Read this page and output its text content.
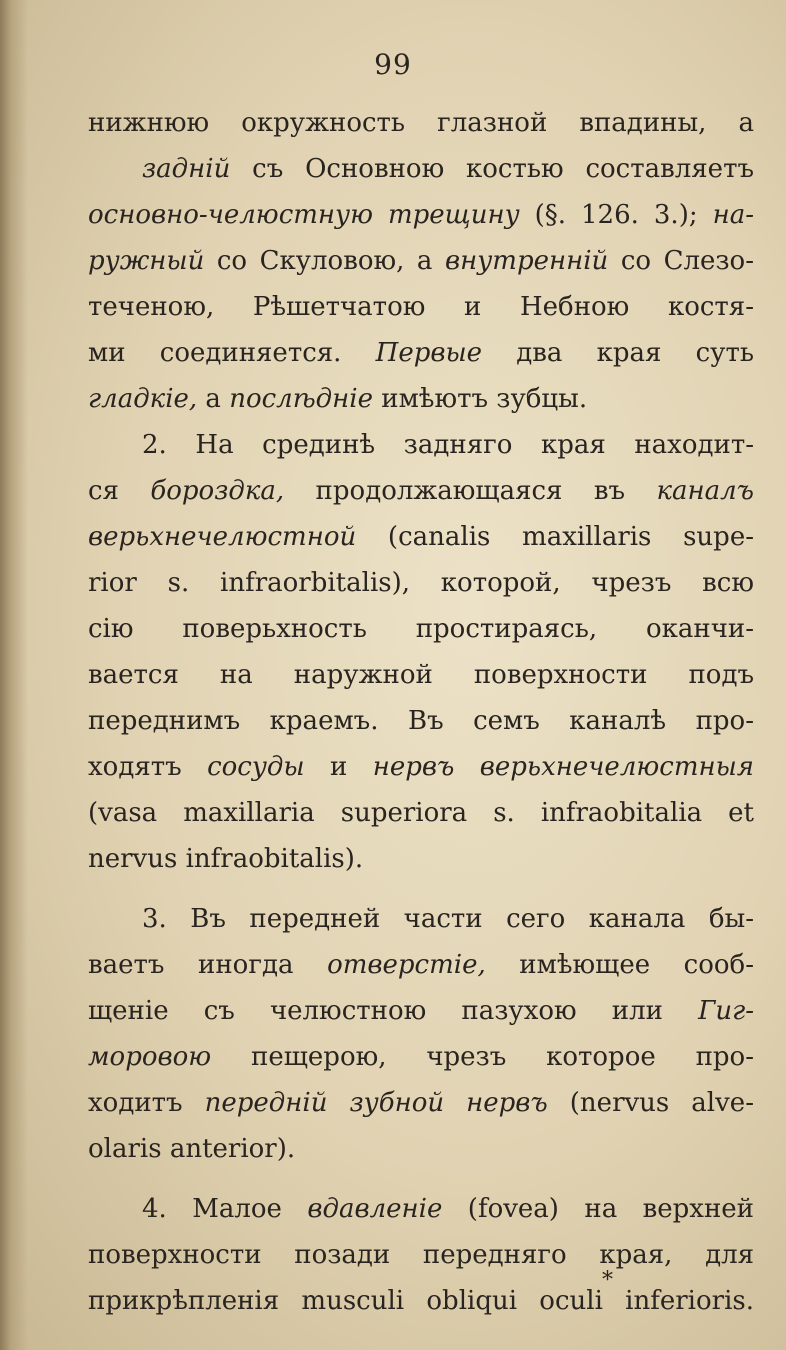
99
нижнюю окружность глазной впадины, а
задній съ Основною костью составляетъ
основно-челюстную трещину (§. 126. 3.); на-
ружный со Скуловою, а внутренній со Слезо-
теченою, Рѣшетчатою и Небною костя-
ми соединяется. Первые два края суть
гладкіе, а послѣдніе имѣютъ зубцы.
2. На срединѣ задняго края находит-
ся бороздка, продолжающаяся въ каналъ
верьхнечелюстной (canalis maxillaris supe-
rior s. infraorbitalis), которой, чрезъ всю
сію поверьхность простираясь, оканчи-
вается на наружной поверхности подъ
переднимъ краемъ. Въ семъ каналѣ про-
ходятъ сосуды и нервъ верьхнечелюстныя
(vasa maxillaria superiora s. infraobitalia et
nervus infraobitalis).
3. Въ передней части сего канала бы-
ваетъ иногда отверстіе, имѣющее сооб-
щеніе съ челюстною пазухою или Гиг-
моровою пещерою, чрезъ которое про-
ходитъ передній зубной нервъ (nervus alve-
olaris anterior).
4. Малое вдавленіе (fovea) на верхней
поверхности позади передняго края, для
прикрѣпленія musculi obliqui oculi inferioris.
*
